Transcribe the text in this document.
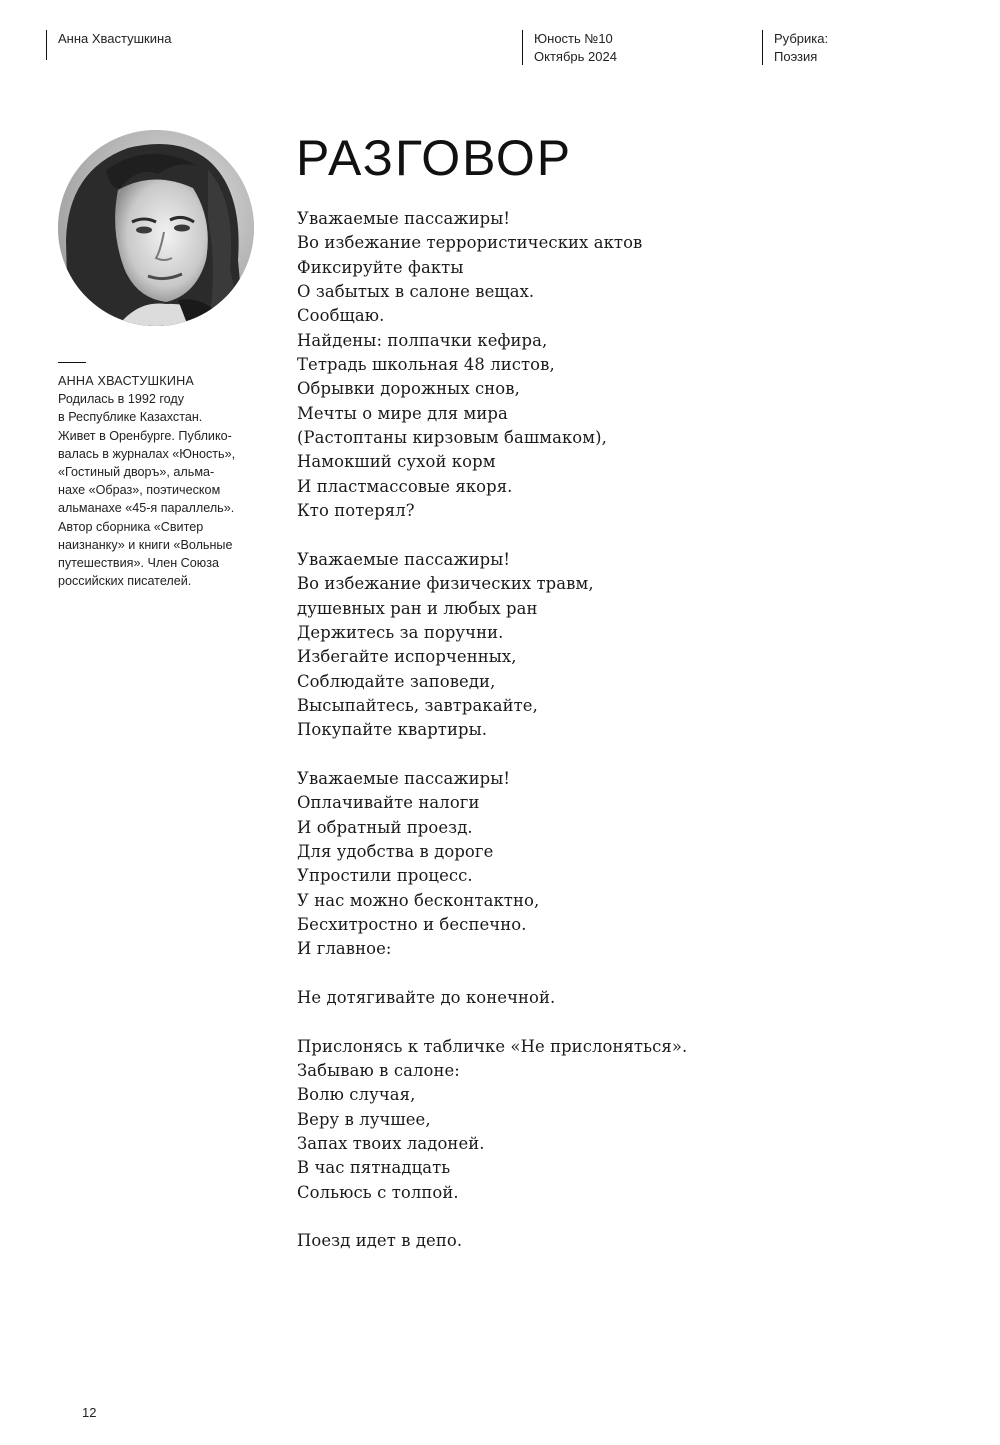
Анна Хвастушкина	Юность №10
Октябрь 2024
Рубрика:
Поэзия
АННА ХВАСТУШКИНА
Родилась в 1992 году
в Республике Казахстан.
Живет в Оренбурге. Публико-
валась в журналах «Юность»,
«Гостиный дворъ», альма-
нахе «Образ», поэтическом
альманахе «45-я параллель».
Автор сборника «Свитер
наизнанку» и книги «Вольные
путешествия». Член Союза
российских писателей.
РАЗГОВОР
Уважаемые пассажиры!
Во избежание террористических актов
Фиксируйте факты
О забытых в салоне вещах.
Сообщаю.
Найдены: полпачки кефира,
Тетрадь школьная 48 листов,
Обрывки дорожных снов,
Мечты о мире для мира
(Растоптаны кирзовым башмаком),
Намокший сухой корм
И пластмассовые якоря.
Кто потерял?
Уважаемые пассажиры!
Во избежание физических травм,
душевных ран и любых ран
Держитесь за поручни.
Избегайте испорченных,
Соблюдайте заповеди,
Высыпайтесь, завтракайте,
Покупайте квартиры.
Уважаемые пассажиры!
Оплачивайте налоги
И обратный проезд.
Для удобства в дороге
Упростили процесс.
У нас можно бесконтактно,
Бесхитростно и беспечно.
И главное:
Не дотягивайте до конечной.
Прислонясь к табличке «Не прислоняться».
Забываю в салоне:
Волю случая,
Веру в лучшее,
Запах твоих ладоней.
В час пятнадцать
Сольюсь с толпой.
Поезд идет в депо.
12
